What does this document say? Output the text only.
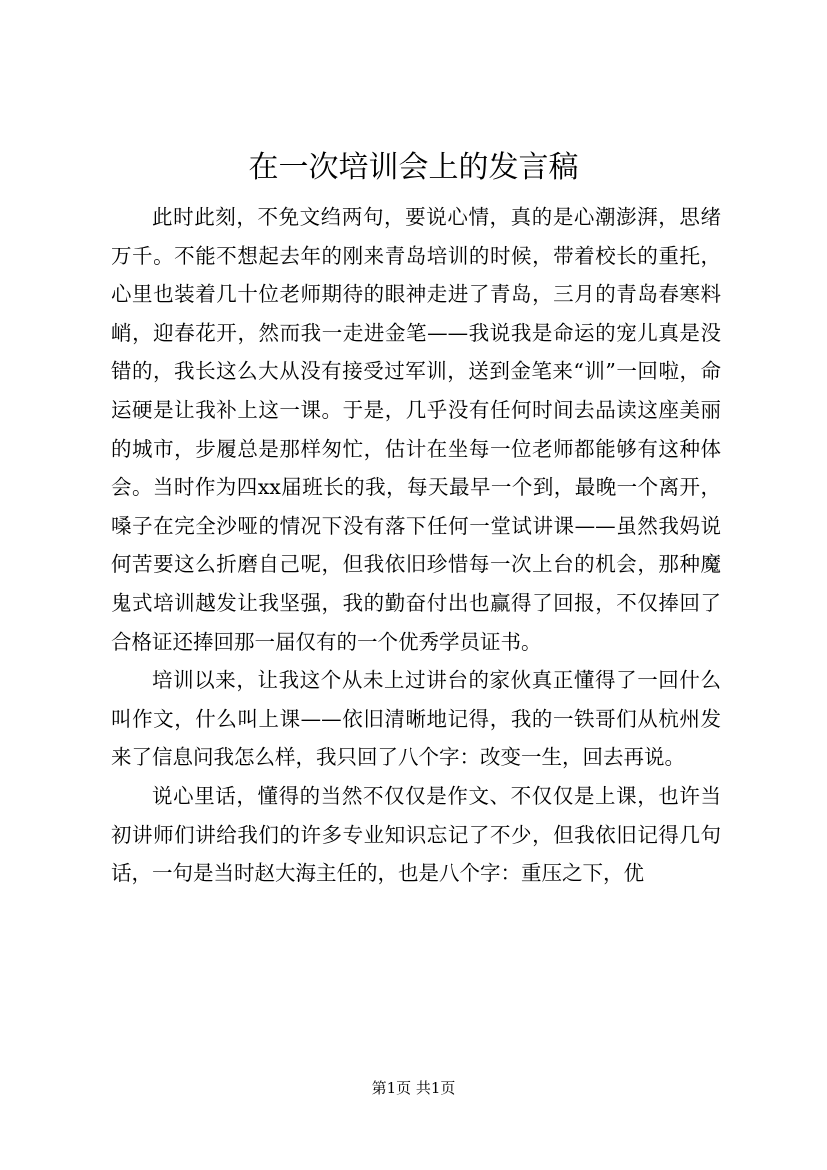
在一次培训会上的发言稿

此时此刻，不免文绉两句，要说心情，真的是心潮澎湃，思绪万千。不能不想起去年的刚来青岛培训的时候，带着校长的重托，心里也装着几十位老师期待的眼神走进了青岛，三月的青岛春寒料峭，迎春花开，然而我一走进金笔——我说我是命运的宠儿真是没错的，我长这么大从没有接受过军训，送到金笔来“训”一回啦，命运硬是让我补上这一课。于是，几乎没有任何时间去品读这座美丽的城市，步履总是那样匆忙，估计在坐每一位老师都能够有这种体会。当时作为四xx届班长的我，每天最早一个到，最晚一个离开，嗓子在完全沙哑的情况下没有落下任何一堂试讲课——虽然我妈说何苦要这么折磨自己呢，但我依旧珍惜每一次上台的机会，那种魔鬼式培训越发让我坚强，我的勤奋付出也赢得了回报，不仅捧回了合格证还捧回那一届仅有的一个优秀学员证书。

培训以来，让我这个从未上过讲台的家伙真正懂得了一回什么叫作文，什么叫上课——依旧清晰地记得，我的一铁哥们从杭州发来了信息问我怎么样，我只回了八个字：改变一生，回去再说。

说心里话，懂得的当然不仅仅是作文、不仅仅是上课，也许当初讲师们讲给我们的许多专业知识忘记了不少，但我依旧记得几句话，一句是当时赵大海主任的，也是八个字：重压之下，优

第1页 共1页
